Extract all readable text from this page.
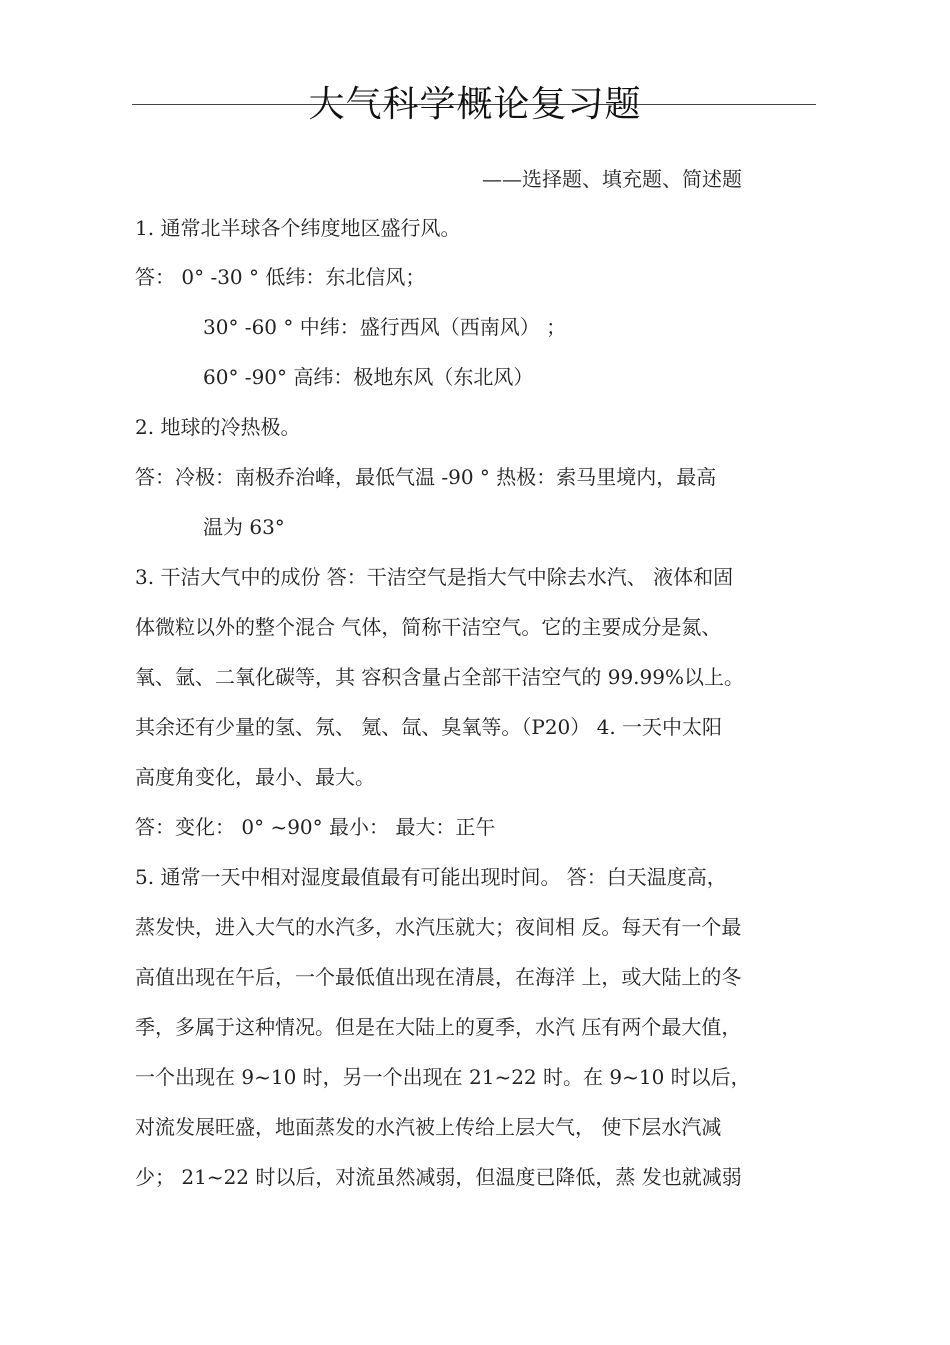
大气科学概论复习题
——选择题、填充题、简述题
1. 通常北半球各个纬度地区盛行风。
答： 0° -30 ° 低纬：东北信风；
30° -60 ° 中纬：盛行西风（西南风） ；
60° -90° 高纬：极地东风（东北风）
2. 地球的冷热极。
答：冷极：南极乔治峰，最低气温 -90 ° 热极：索马里境内，最高
温为 63°
3. 干洁大气中的成份 答：干洁空气是指大气中除去水汽、 液体和固
体微粒以外的整个混合 气体，简称干洁空气。它的主要成分是氮、
氧、氩、二氧化碳等，其 容积含量占全部干洁空气的 99.99%以上。
其余还有少量的氢、氖、 氪、氙、臭氧等。（P20） 4. 一天中太阳
高度角变化，最小、最大。
答：变化： 0° ~90° 最小： 最大：正午
5. 通常一天中相对湿度最值最有可能出现时间。 答：白天温度高，
蒸发快，进入大气的水汽多，水汽压就大；夜间相 反。每天有一个最
高值出现在午后，一个最低值出现在清晨，在海洋 上，或大陆上的冬
季，多属于这种情况。但是在大陆上的夏季，水汽 压有两个最大值，
一个出现在 9~10 时，另一个出现在 21~22 时。在 9~10 时以后，
对流发展旺盛，地面蒸发的水汽被上传给上层大气， 使下层水汽减
少； 21~22 时以后，对流虽然减弱，但温度已降低，蒸 发也就减弱
